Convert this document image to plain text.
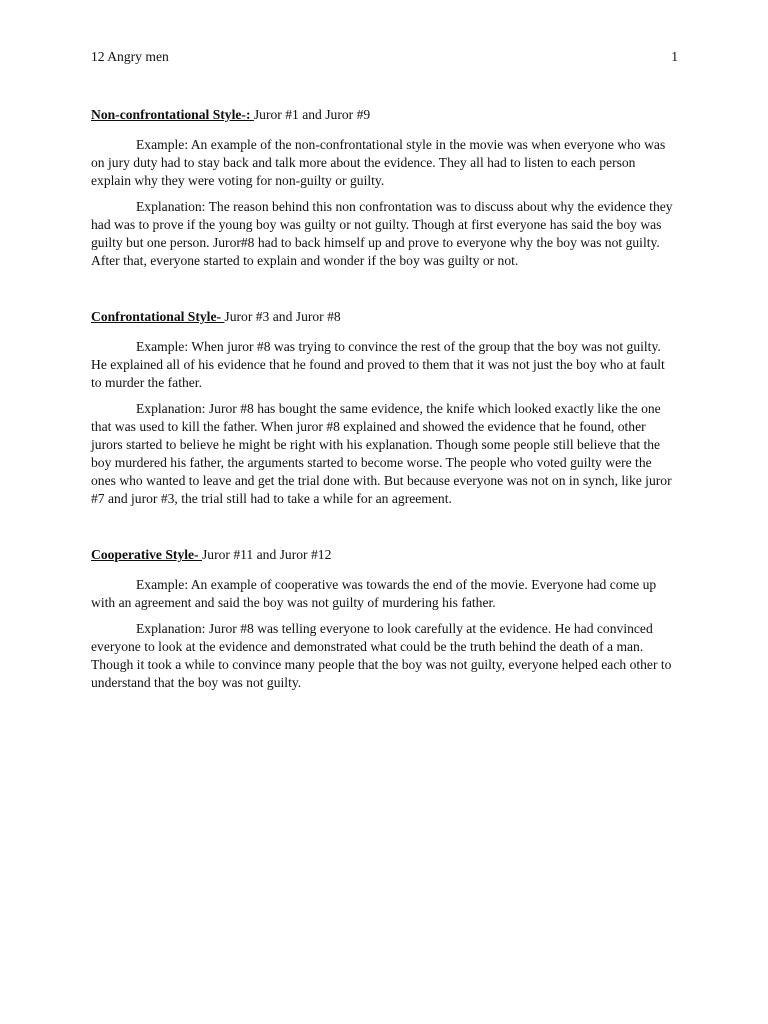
12 Angry men	1
Non-confrontational Style-: Juror #1 and Juror #9

Example: An example of the non-confrontational style in the movie was when everyone who was on jury duty had to stay back and talk more about the evidence. They all had to listen to each person explain why they were voting for non-guilty or guilty.

Explanation: The reason behind this non confrontation was to discuss about why the evidence they had was to prove if the young boy was guilty or not guilty. Though at first everyone has said the boy was guilty but one person. Juror#8 had to back himself up and prove to everyone why the boy was not guilty. After that, everyone started to explain and wonder if the boy was guilty or not.

Confrontational Style- Juror #3 and Juror #8

Example: When juror #8 was trying to convince the rest of the group that the boy was not guilty. He explained all of his evidence that he found and proved to them that it was not just the boy who at fault to murder the father.

Explanation: Juror #8 has bought the same evidence, the knife which looked exactly like the one that was used to kill the father. When juror #8 explained and showed the evidence that he found, other jurors started to believe he might be right with his explanation. Though some people still believe that the boy murdered his father, the arguments started to become worse. The people who voted guilty were the ones who wanted to leave and get the trial done with. But because everyone was not on in synch, like juror #7 and juror #3, the trial still had to take a while for an agreement.

Cooperative Style- Juror #11 and Juror #12

Example: An example of cooperative was towards the end of the movie. Everyone had come up with an agreement and said the boy was not guilty of murdering his father.

Explanation: Juror #8 was telling everyone to look carefully at the evidence. He had convinced everyone to look at the evidence and demonstrated what could be the truth behind the death of a man. Though it took a while to convince many people that the boy was not guilty, everyone helped each other to understand that the boy was not guilty.
